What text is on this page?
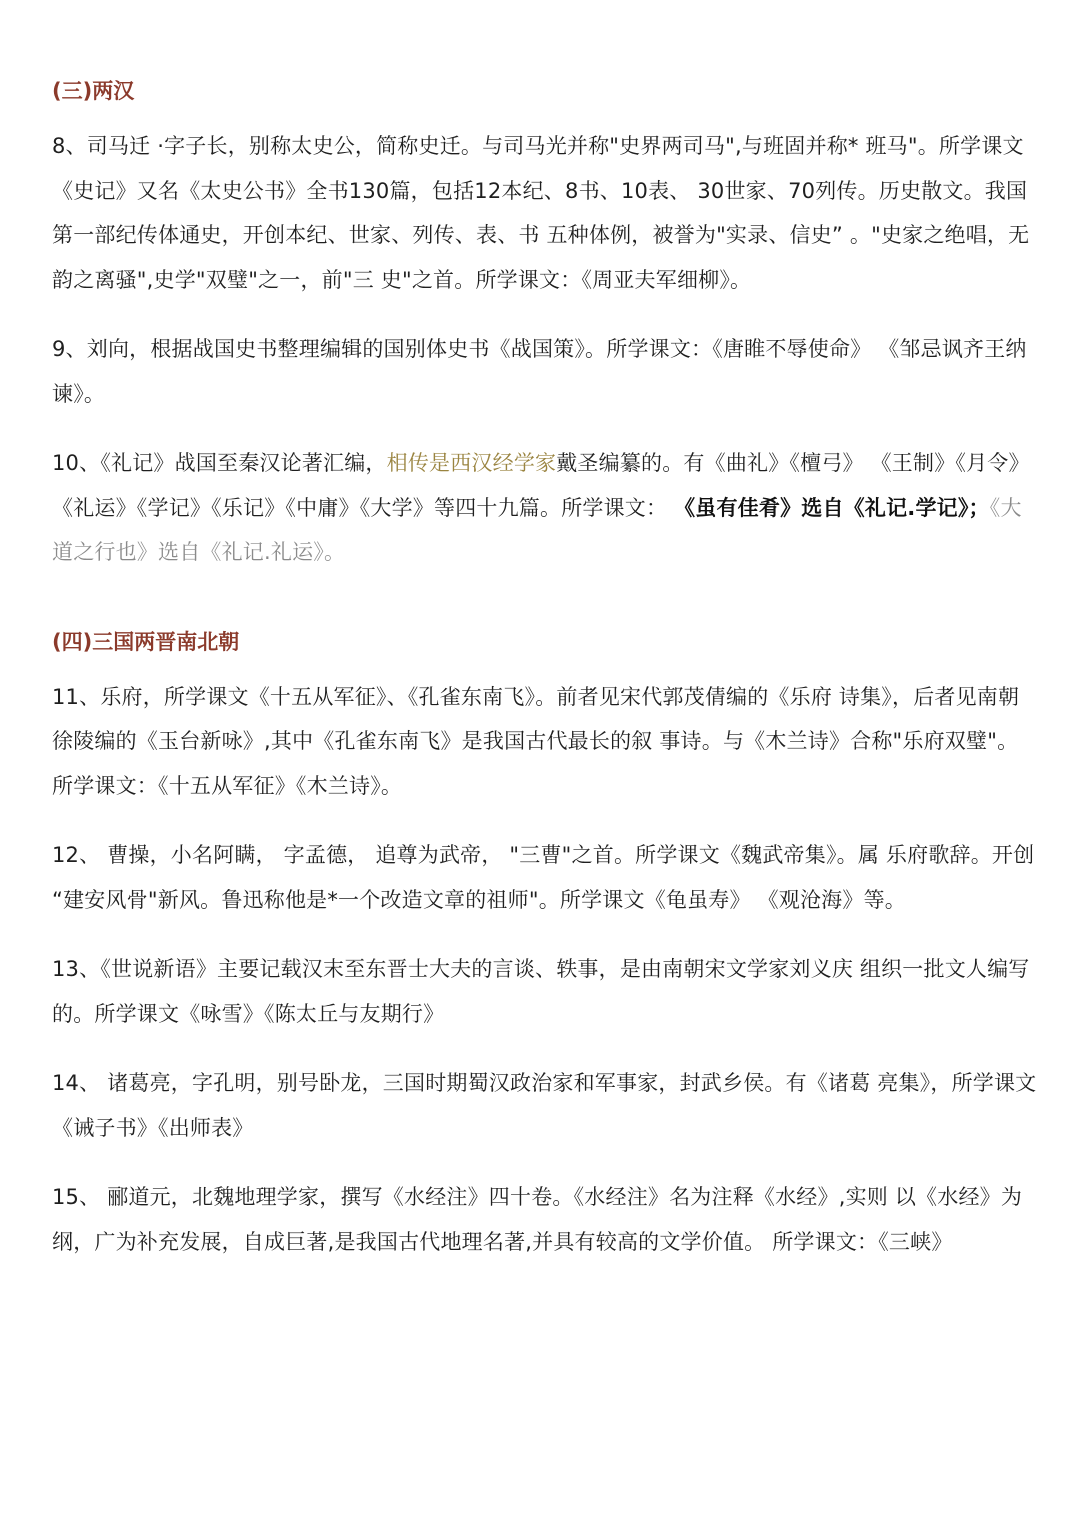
(三)两汉

8、司马迁 ·字子长，别称太史公，简称史迁。与司马光并称"史界两司马",与班固并称* 班马"。所学课文《史记》又名《太史公书》全书130篇，包括12本纪、8书、10表、 30世家、70列传。历史散文。我国第一部纪传体通史，开创本纪、世家、列传、表、书 五种体例，被誉为"实录、信史” 。"史家之绝唱，无韵之离骚",史学"双璧"之一，前"三 史"之首。所学课文：《周亚夫军细柳》。

9、刘向，根据战国史书整理编辑的国别体史书《战国策》。所学课文：《唐睢不辱使命》 《邹忌讽齐王纳谏》。

10、《礼记》战国至秦汉论著汇编，相传是西汉经学家戴圣编纂的。有《曲礼》《檀弓》 《王制》《月令》《礼运》《学记》《乐记》《中庸》《大学》等四十九篇。所学课文： 《虽有佳肴》选自《礼记.学记》；《大道之行也》选自《礼记.礼运》。

(四)三国两晋南北朝

11、乐府，所学课文《十五从军征》、《孔雀东南飞》。前者见宋代郭茂倩编的《乐府 诗集》，后者见南朝徐陵编的《玉台新咏》,其中《孔雀东南飞》是我国古代最长的叙 事诗。与《木兰诗》合称"乐府双璧"。所学课文：《十五从军征》《木兰诗》。

12、 曹操，小名阿瞒， 字孟德， 追尊为武帝， "三曹"之首。所学课文《魏武帝集》。属 乐府歌辞。开创 “建安风骨"新风。鲁迅称他是*一个改造文章的祖师"。所学课文《龟虽寿》 《观沧海》等。

13、《世说新语》主要记载汉末至东晋士大夫的言谈、轶事，是由南朝宋文学家刘义庆 组织一批文人编写的。所学课文《咏雪》《陈太丘与友期行》

14、 诸葛亮，字孔明，别号卧龙，三国时期蜀汉政治家和军事家，封武乡侯。有《诸葛 亮集》，所学课文《诫子书》《出师表》

15、 郦道元，北魏地理学家，撰写《水经注》四十卷。《水经注》名为注释《水经》,实则 以《水经》为纲，广为补充发展，自成巨著,是我国古代地理名著,并具有较高的文学价值。 所学课文：《三峡》
